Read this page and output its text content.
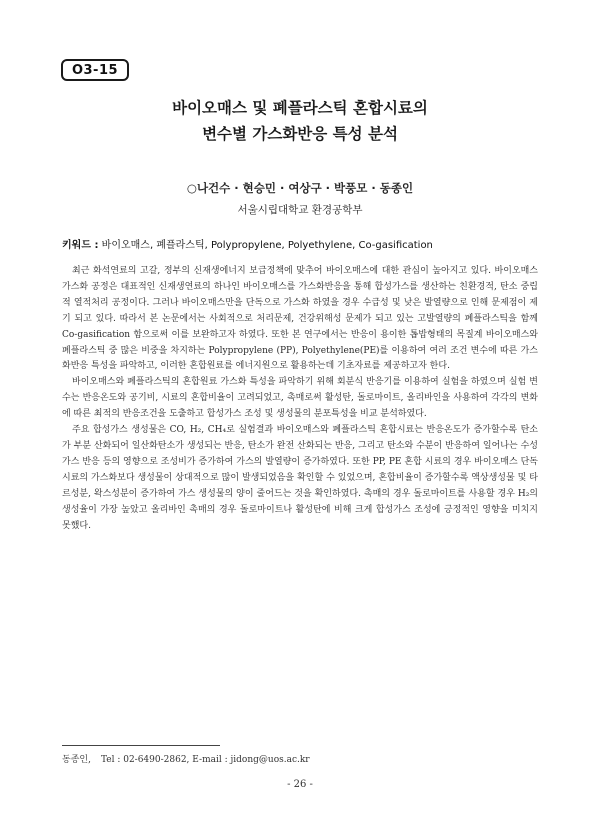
O3-15
바이오매스 및 폐플라스틱 혼합시료의
변수별 가스화반응 특성 분석
○나건수 · 현승민 · 여상구 · 박풍모 · 동종인
서울시립대학교 환경공학부
키워드 : 바이오매스, 폐플라스틱, Polypropylene, Polyethylene, Co-gasification

최근 화석연료의 고갈, 정부의 신재생에너지 보급정책에 맞추어 바이오매스에 대한 관심이 높아지고 있다. 바이오매스 가스화 공정은 대표적인 신재생연료의 하나인 바이오매스를 가스화반응을 통해 합성가스를 생산하는 친환경적, 탄소 중립적 열적처리 공정이다. 그러나 바이오매스만을 단독으로 가스화 하였을 경우 수급성 및 낮은 발열량으로 인해 문제점이 제기 되고 있다. 따라서 본 논문에서는 사회적으로 처리문제, 건강위해성 문제가 되고 있는 고발열량의 폐플라스틱을 함께 Co-gasification 함으로써 이를 보완하고자 하였다. 또한 본 연구에서는 반응이 용이한 톱밥형태의 목질계 바이오매스와 폐플라스틱 중 많은 비중을 차지하는 Polypropylene (PP), Polyethylene(PE)를 이용하여 여러 조건 변수에 따른 가스화반응 특성을 파악하고, 이러한 혼합원료를 에너지원으로 활용하는데 기초자료를 제공하고자 한다.

바이오매스와 폐플라스틱의 혼합원료 가스화 특성을 파악하기 위해 회분식 반응기를 이용하여 실험을 하였으며 실험 변수는 반응온도와 공기비, 시료의 혼합비율이 고려되었고, 촉매로써 활성탄, 돌로마이트, 올리바인을 사용하여 각각의 변화에 따른 최적의 반응조건을 도출하고 합성가스 조성 및 생성물의 분포특성을 비교 분석하였다.

주요 합성가스 생성물은 CO, H₂, CH₄로 실험결과 바이오매스와 폐플라스틱 혼합시료는 반응온도가 증가할수록 탄소가 부분 산화되어 일산화탄소가 생성되는 반응, 탄소가 완전 산화되는 반응, 그리고 탄소와 수분이 반응하여 일어나는 수성가스 반응 등의 영향으로 조성비가 증가하여 가스의 발열량이 증가하였다. 또한 PP, PE 혼합 시료의 경우 바이오매스 단독 시료의 가스화보다 생성물이 상대적으로 많이 발생되었음을 확인할 수 있었으며, 혼합비율이 증가할수록 액상생성물 및 타르성분, 왁스성분이 증가하여 가스 생성물의 양이 줄어드는 것을 확인하였다. 촉매의 경우 돌로마이트를 사용할 경우 H₂의 생성율이 가장 높았고 올리바인 촉매의 경우 돌로마이트나 활성탄에 비해 크게 합성가스 조성에 긍정적인 영향을 미치지 못했다.

동종인, Tel : 02-6490-2862, E-mail : jidong@uos.ac.kr
- 26 -
